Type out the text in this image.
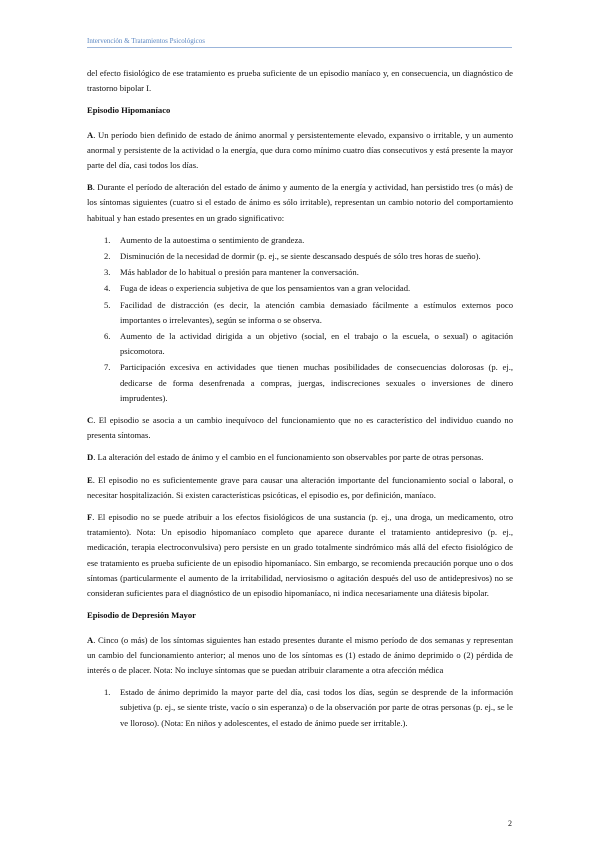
Intervención & Tratamientos Psicológicos

del efecto fisiológico de ese tratamiento es prueba suficiente de un episodio maníaco y, en consecuencia, un diagnóstico de trastorno bipolar I.

Episodio Hipomaníaco

A. Un período bien definido de estado de ánimo anormal y persistentemente elevado, expansivo o irritable, y un aumento anormal y persistente de la actividad o la energía, que dura como mínimo cuatro días consecutivos y está presente la mayor parte del día, casi todos los días.

B. Durante el período de alteración del estado de ánimo y aumento de la energía y actividad, han persistido tres (o más) de los síntomas siguientes (cuatro si el estado de ánimo es sólo irritable), representan un cambio notorio del comportamiento habitual y han estado presentes en un grado significativo:

1. Aumento de la autoestima o sentimiento de grandeza.
2. Disminución de la necesidad de dormir (p. ej., se siente descansado después de sólo tres horas de sueño).
3. Más hablador de lo habitual o presión para mantener la conversación.
4. Fuga de ideas o experiencia subjetiva de que los pensamientos van a gran velocidad.
5. Facilidad de distracción (es decir, la atención cambia demasiado fácilmente a estímulos externos poco importantes o irrelevantes), según se informa o se observa.
6. Aumento de la actividad dirigida a un objetivo (social, en el trabajo o la escuela, o sexual) o agitación psicomotora.
7. Participación excesiva en actividades que tienen muchas posibilidades de consecuencias dolorosas (p. ej., dedicarse de forma desenfrenada a compras, juergas, indiscreciones sexuales o inversiones de dinero imprudentes).

C. El episodio se asocia a un cambio inequívoco del funcionamiento que no es característico del individuo cuando no presenta síntomas.

D. La alteración del estado de ánimo y el cambio en el funcionamiento son observables por parte de otras personas.

E. El episodio no es suficientemente grave para causar una alteración importante del funcionamiento social o laboral, o necesitar hospitalización. Si existen características psicóticas, el episodio es, por definición, maníaco.

F. El episodio no se puede atribuir a los efectos fisiológicos de una sustancia (p. ej., una droga, un medicamento, otro tratamiento). Nota: Un episodio hipomaníaco completo que aparece durante el tratamiento antidepresivo (p. ej., medicación, terapia electroconvulsiva) pero persiste en un grado totalmente sindrómico más allá del efecto fisiológico de ese tratamiento es prueba suficiente de un episodio hipomaníaco. Sin embargo, se recomienda precaución porque uno o dos síntomas (particularmente el aumento de la irritabilidad, nerviosismo o agitación después del uso de antidepresivos) no se consideran suficientes para el diagnóstico de un episodio hipomaníaco, ni indica necesariamente una diátesis bipolar.

Episodio de Depresión Mayor

A. Cinco (o más) de los síntomas siguientes han estado presentes durante el mismo período de dos semanas y representan un cambio del funcionamiento anterior; al menos uno de los síntomas es (1) estado de ánimo deprimido o (2) pérdida de interés o de placer. Nota: No incluye síntomas que se puedan atribuir claramente a otra afección médica

1. Estado de ánimo deprimido la mayor parte del día, casi todos los días, según se desprende de la información subjetiva (p. ej., se siente triste, vacío o sin esperanza) o de la observación por parte de otras personas (p. ej., se le ve lloroso). (Nota: En niños y adolescentes, el estado de ánimo puede ser irritable.).
2
